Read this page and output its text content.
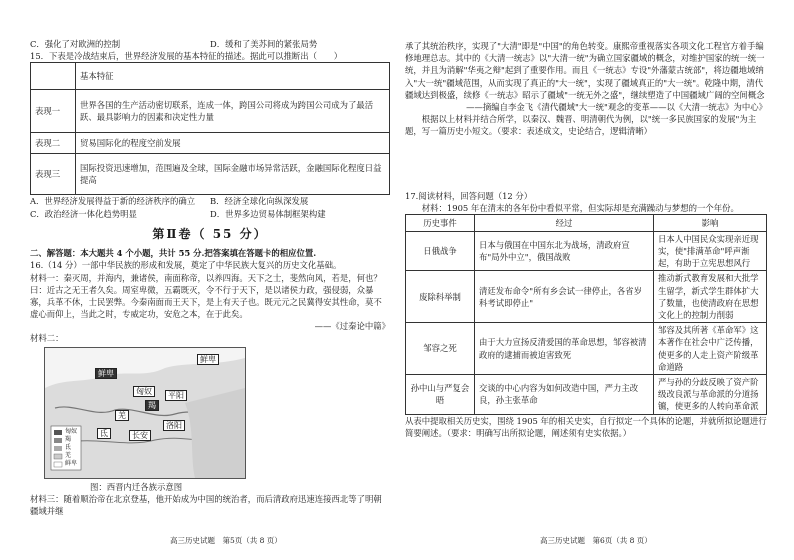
C．强化了对欧洲的控制	D．缓和了美苏间的紧张局势

15．下表是冷战结束后，世界经济发展的基本特征的描述。据此可以推断出（　　）

	基本特征
表现一	世界各国的生产活动密切联系，连成一体，跨国公司将成为跨国公司成为了最活跃、最具影响力的因素和决定性力量
表现二	贸易国际化的程度空前发展
表现三	国际投资迅速增加，范围遍及全球，国际金融市场异常活跃，金融国际化程度日益提高
A．世界经济发展得益于新的经济秩序的确立	B．经济全球化向纵深发展
C．政治经济一体化趋势明显	D．世界多边贸易体制框架构建
第Ⅱ卷（ 55 分）

二、解答题：本大题共 4 个小题，共计 55 分.把答案填在答题卡的相应位置.

16.（14 分）一部中华民族的形成和发展，奠定了中华民族大复兴的历史文化基础。

材料一：秦灭周，并海内，兼诸侯，南面称帝，以养四海。天下之士，斐然向风，若是，何也？曰：近古之无王者久矣。周室卑微，五霸既灭，令不行于天下，是以诸侯力政，强侵弱，众暴寡，兵革不休，士民罢弊。今秦南面而王天下，是上有天子也。既元元之民冀得安其性命，莫不虚心而仰上，当此之时，专威定功，安危之本，在于此矣。

——《过秦论中篇》

材料二：

鲜卑
匈奴
鲜卑
羯
羌
氐
洛阳
长安
平阳
匈奴
羯
氐
羌
鲜卑

图：西晋内迁各族示意图

材料三：随着顺治帝在北京登基，他开始成为中国的统治者，而后清政府迅速连接西北等了明朝疆域并继

高三历史试题　第5页（共 8 页）

承了其统治秩序，实现了"大清"即是"中国"的角色转变。康熙帝重视落实各项文化工程官方着手编修地理总志。其中的《大清一统志》以"大清一统"为确立国家疆域的概念，对维护国家的统一统一统，并且为消解"华夷之辩"起到了重要作用。而且《一统志》专设"外藩蒙古统部"，将边疆地域纳入"大一统"疆域范围，从而实现了真正的"大一统"，实现了疆域真正的"大一统"。乾隆中期，清代疆域达到极盛，续修《一统志》昭示了疆域"一统无外之盛"，继续塑造了中国疆域广阔的空间概念

——摘编自李金飞《清代疆域"大一统"观念的变革——以《大清一统志》为中心》

根据以上材料并结合所学，以秦汉、魏晋、明清朝代为例，以"统一多民族国家的发展"为主题，写一篇历史小短文。（要求：表述成文，史论结合，逻辑清晰）

17.阅读材料，回答问题（12 分）

材料：1905 年在清末的各年份中看似平常，但实际却是充满躁动与梦想的一个年份。

历史事件	经过	影响
日俄战争	日本与俄国在中国东北为战场，清政府宣布"局外中立"，俄国战败	日本人中国民众实现亲近现实，使"排满革命"呼声渐起，有助于立宪思想风行
废除科举制	清廷发布命令"所有乡会试一律停止，各省岁科考试即停止"	推动新式教育发展和大批学生留学，新式学生群体扩大了数量，也使清政府在思想文化上的控制力削弱
邹容之死	由于大力宣扬反清爱国的革命思想，邹容被清政府的逮捕而被迫害致死	邹容及其所著《革命军》这本著作在社会中广泛传播，使更多的人走上资产阶级革命道路
孙中山与严复会晤	交谈的中心内容为如何改造中国，严力主改良，孙主张革命	严与孙的分歧反映了资产阶级改良派与革命派的分道扬镳，使更多的人转向革命派

从表中提取相关历史实，围绕 1905 年的相关史实，自行拟定一个具体的论题，并就所拟论题进行简要阐述。（要求：明确写出所拟论题，阐述须有史实依据。）

高三历史试题　第6页（共 8 页）
